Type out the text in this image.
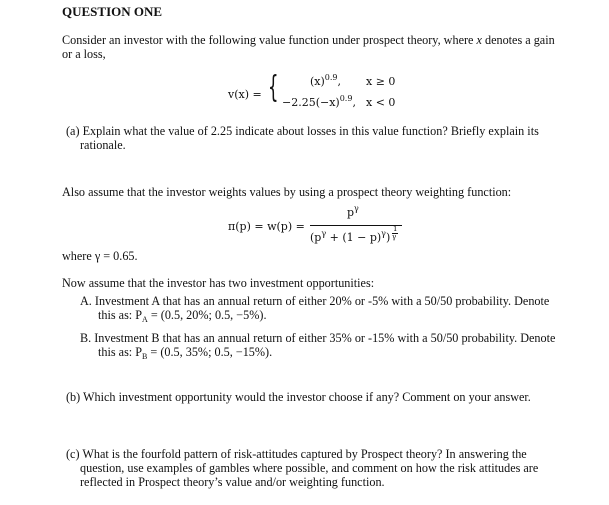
QUESTION ONE
Consider an investor with the following value function under prospect theory, where x denotes a gain
or a loss,
v(x) = {	$(x)^{0.9}$, x ≥ 0
$-2.25(-x)^{0.9}$, x < 0
(a) Explain what the value of 2.25 indicate about losses in this value function? Briefly explain its
rationale.
Also assume that the investor weights values by using a prospect theory weighting function:
π(p) = w(p) =
$p^\gamma$
$(p^\gamma + (1 - p)^\gamma)$
1
γ
where γ = 0.65.
Now assume that the investor has two investment opportunities:
A. Investment A that has an annual return of either 20% or -5% with a 50/50 probability. Denote
this as: $P_A = (0.5$, 20%; 0.5, −5%).
B. Investment B that has an annual return of either 35% or -15% with a 50/50 probability. Denote
this as: $P_B = (0.5$, 35%; 0.5, −15%).
(b) Which investment opportunity would the investor choose if any? Comment on your answer.
(c) What is the fourfold pattern of risk-attitudes captured by Prospect theory? In answering the
question, use examples of gambles where possible, and comment on how the risk attitudes are
reflected in Prospect theory’s value and/or weighting function.
